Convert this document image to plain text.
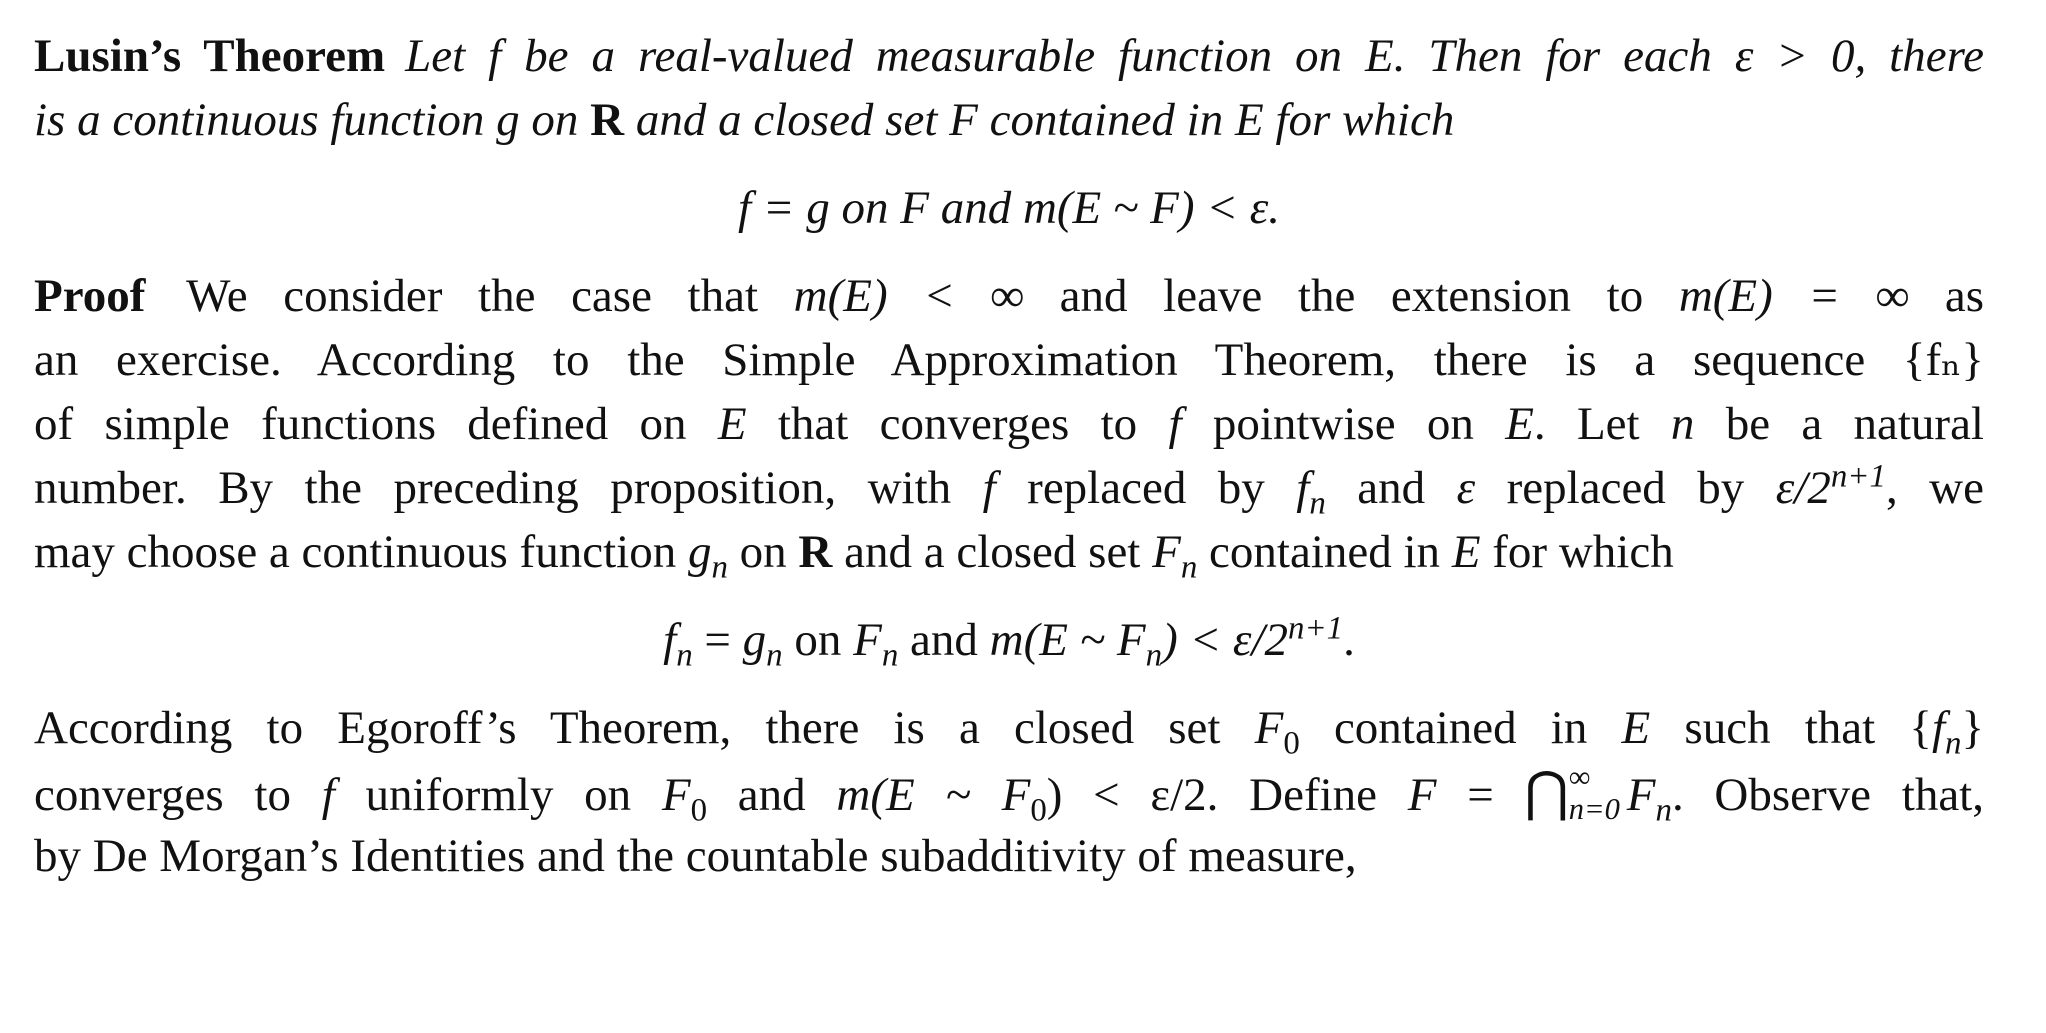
Lusin’s Theorem Let f be a real-valued measurable function on E. Then for each ε > 0, there
is a continuous function g on R and a closed set F contained in E for which
f = g on F and m(E ~ F) < ε.
Proof We consider the case that m(E) < ∞ and leave the extension to m(E) = ∞ as
an exercise. According to the Simple Approximation Theorem, there is a sequence {fₙ}
of simple functions defined on E that converges to f pointwise on E. Let n be a natural
number. By the preceding proposition, with f replaced by $f_n$ and ε replaced by $\varepsilon/2^{n+1}$, we
may choose a continuous function $g_n$ on R and a closed set $F_n$ contained in E for which
$f_n = g_n$ on $F_n$ and m(E ~ $F_n) < \varepsilon/2^{n+1}$.
According to Egoroff’s Theorem, there is a closed set $F_0$ contained in E such that $\{f_n\}$
converges to f uniformly on $F_0$ and m(E ~ $F_0) < \varepsilon/2$. Define F = ⋂ ∞
n=0 $F_n$. Observe that,
by De Morgan’s Identities and the countable subadditivity of measure,
